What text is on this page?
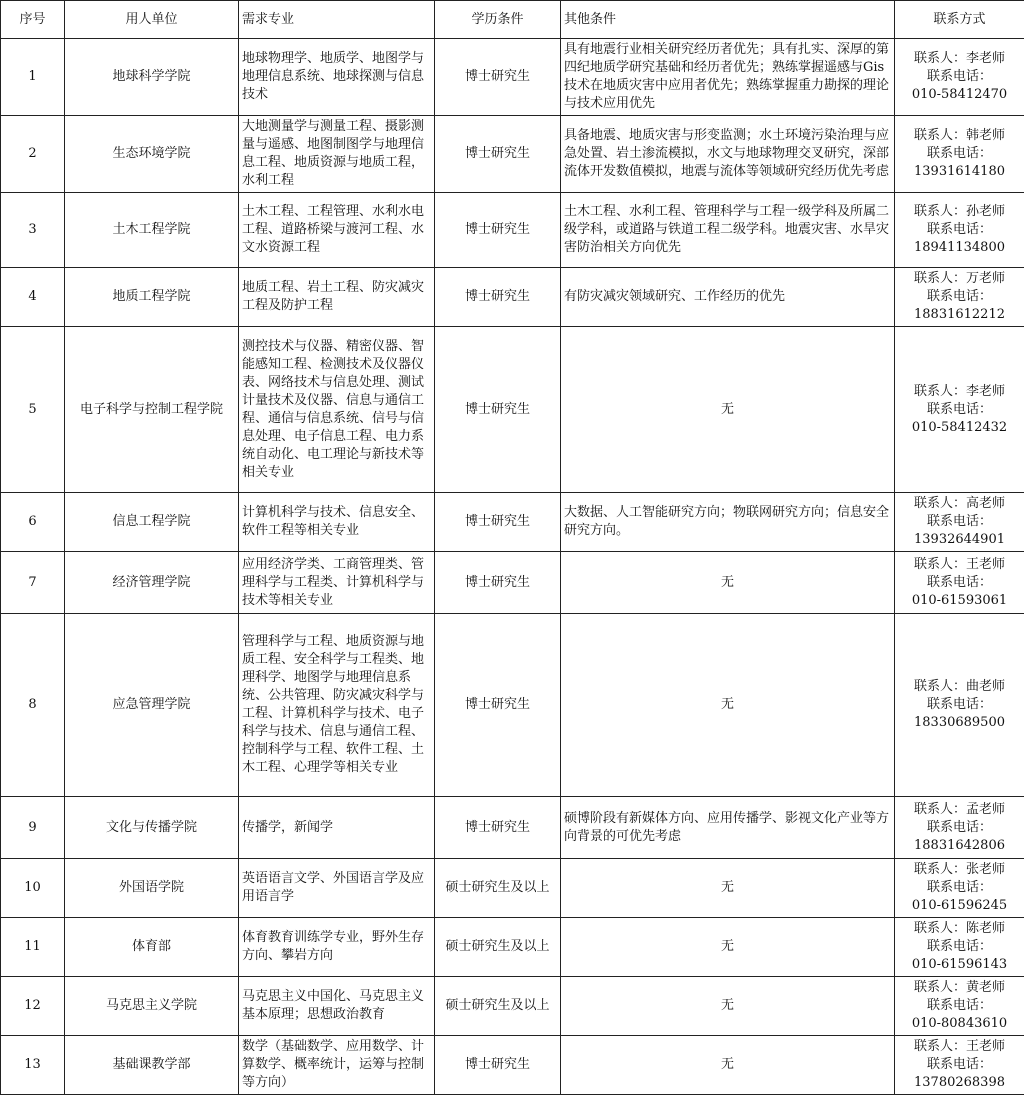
序号	用人单位	需求专业	学历条件	其他条件	联系方式
1	地球科学学院	地球物理学、地质学、地图学与地理信息系统、地球探测与信息技术	博士研究生	具有地震行业相关研究经历者优先；具有扎实、深厚的第四纪地质学研究基础和经历者优先；熟练掌握遥感与Gis技术在地质灾害中应用者优先；熟练掌握重力勘探的理论与技术应用优先	联系人：李老师
联系电话：
010-58412470

2	生态环境学院	大地测量学与测量工程、摄影测量与遥感、地图制图学与地理信息工程、地质资源与地质工程，水利工程	博士研究生	具备地震、地质灾害与形变监测；水土环境污染治理与应急处置、岩土渗流模拟，水文与地球物理交叉研究，深部流体开发数值模拟，地震与流体等领域研究经历优先考虑	联系人：韩老师
联系电话：
13931614180

3	土木工程学院	土木工程、工程管理、水利水电工程、道路桥梁与渡河工程、水文水资源工程	博士研究生	土木工程、水利工程、管理科学与工程一级学科及所属二级学科，或道路与铁道工程二级学科。地震灾害、水旱灾害防治相关方向优先	联系人：孙老师
联系电话：
18941134800

4	地质工程学院	地质工程、岩土工程、防灾减灾工程及防护工程	博士研究生	有防灾减灾领域研究、工作经历的优先	联系人：万老师
联系电话：
18831612212

5	电子科学与控制工程学院	测控技术与仪器、精密仪器、智能感知工程、检测技术及仪器仪表、网络技术与信息处理、测试计量技术及仪器、信息与通信工程、通信与信息系统、信号与信息处理、电子信息工程、电力系统自动化、电工理论与新技术等相关专业	博士研究生	无	联系人：李老师
联系电话：
010-58412432

6	信息工程学院	计算机科学与技术、信息安全、软件工程等相关专业	博士研究生	大数据、人工智能研究方向；物联网研究方向；信息安全研究方向。	联系人：高老师
联系电话：
13932644901

7	经济管理学院	应用经济学类、工商管理类、管理科学与工程类、计算机科学与技术等相关专业	博士研究生	无	联系人：王老师
联系电话：
010-61593061

8	应急管理学院	管理科学与工程、地质资源与地质工程、安全科学与工程类、地理科学、地图学与地理信息系统、公共管理、防灾减灾科学与工程、计算机科学与技术、电子科学与技术、信息与通信工程、控制科学与工程、软件工程、土木工程、心理学等相关专业	博士研究生	无	联系人：曲老师
联系电话：
18330689500

9	文化与传播学院	传播学，新闻学	博士研究生	硕博阶段有新媒体方向、应用传播学、影视文化产业等方向背景的可优先考虑	联系人：孟老师
联系电话：
18831642806

10	外国语学院	英语语言文学、外国语言学及应用语言学	硕士研究生及以上	无	联系人：张老师
联系电话：
010-61596245

11	体育部	体育教育训练学专业，野外生存方向、攀岩方向	硕士研究生及以上	无	联系人：陈老师
联系电话：
010-61596143

12	马克思主义学院	马克思主义中国化、马克思主义基本原理；思想政治教育	硕士研究生及以上	无	联系人：黄老师
联系电话：
010-80843610

13	基础课教学部	数学（基础数学、应用数学、计算数学、概率统计，运筹与控制等方向）	博士研究生	无	联系人：王老师
联系电话：
13780268398
